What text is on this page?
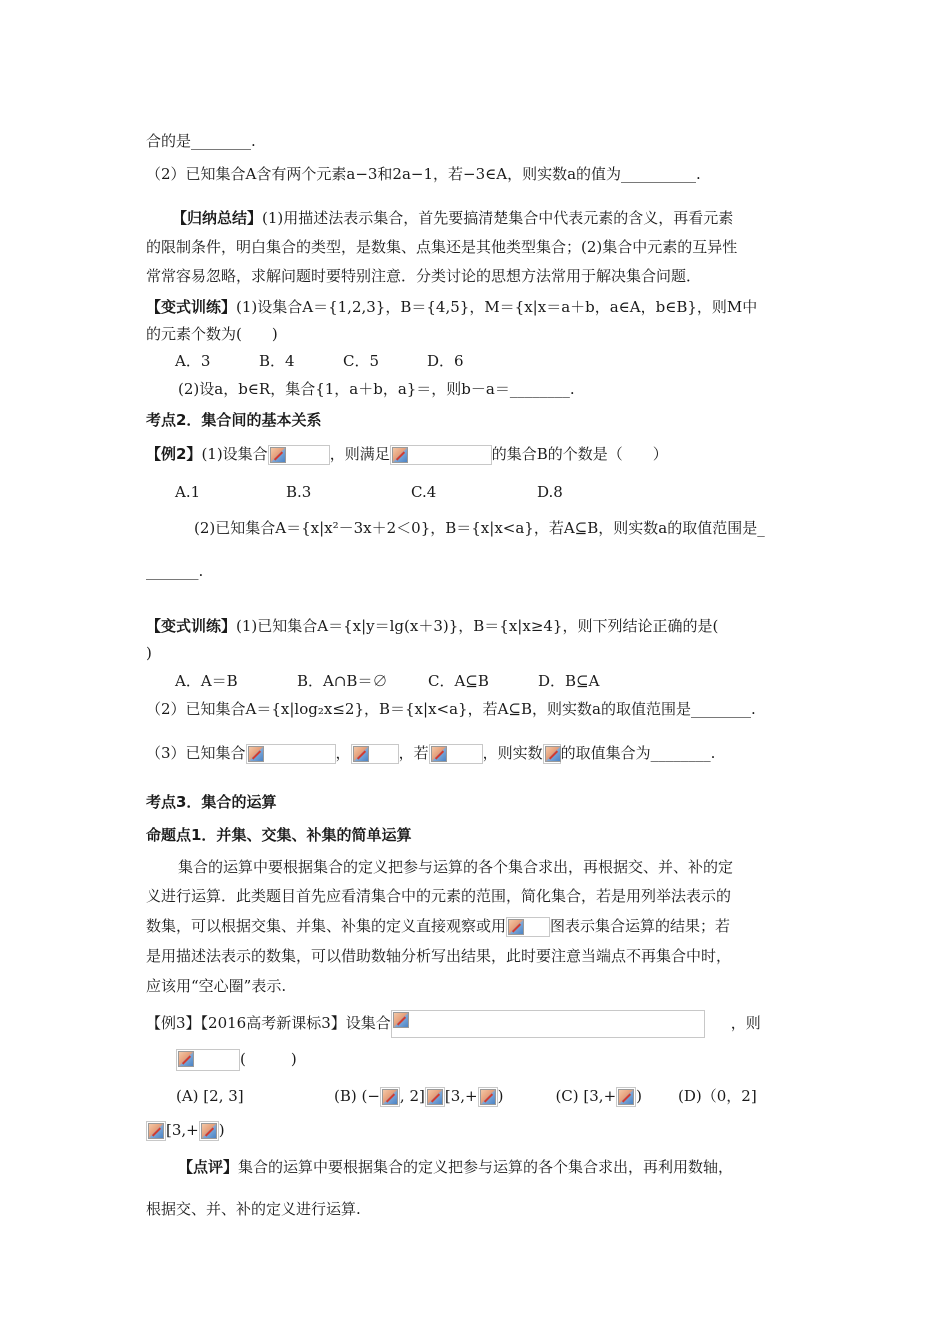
合的是________.
（2）已知集合A含有两个元素a−3和2a−1，若−3∈A，则实数a的值为__________.
【归纳总结】(1)用描述法表示集合，首先要搞清楚集合中代表元素的含义，再看元素
的限制条件，明白集合的类型，是数集、点集还是其他类型集合；(2)集合中元素的互异性
常常容易忽略，求解问题时要特别注意．分类讨论的思想方法常用于解决集合问题．
【变式训练】(1)设集合A＝{1,2,3}，B＝{4,5}，M＝{x|x＝a＋b，a∈A，b∈B}，则M中
的元素个数为(　　)
A．3	B．4	C．5	D．6
(2)设a，b∈R，集合{1，a＋b，a}＝，则b－a＝________.
考点2．集合间的基本关系
【例2】(1)设集合	，则满足	的集合B的个数是（　　）
A.1	B.3	C.4	D.8
(2)已知集合A＝{x|x²－3x＋2＜0}，B＝{x|x<a}，若A⊆B，则实数a的取值范围是_
_______.
【变式训练】(1)已知集合A＝{x|y＝lg(x＋3)}，B＝{x|x≥4}，则下列结论正确的是(
)
A．A＝B	B．A∩B＝∅	C．A⊆B	D．B⊆A
（2）已知集合A＝{x|log₂x≤2}，B＝{x|x<a}，若A⊆B，则实数a的取值范围是________.
（3）已知集合	，	，若	，则实数 的取值集合为________.
考点3．集合的运算
命题点1．并集、交集、补集的简单运算
集合的运算中要根据集合的定义把参与运算的各个集合求出，再根据交、并、补的定
义进行运算．此类题目首先应看清集合中的元素的范围，简化集合，若是用列举法表示的
数集，可以根据交集、并集、补集的定义直接观察或用	图表示集合运算的结果；若
是用描述法表示的数集，可以借助数轴分析写出结果，此时要注意当端点不再集合中时，
应该用“空心圈”表示.
【例3】【2016高考新课标3】设集合	，则
(　　　)
(A) [2, 3]	(B) (− , 2] [3,+ )	(C) [3,+ ) (D)（0，2]
[3,+ )
【点评】集合的运算中要根据集合的定义把参与运算的各个集合求出，再利用数轴，
根据交、并、补的定义进行运算.
